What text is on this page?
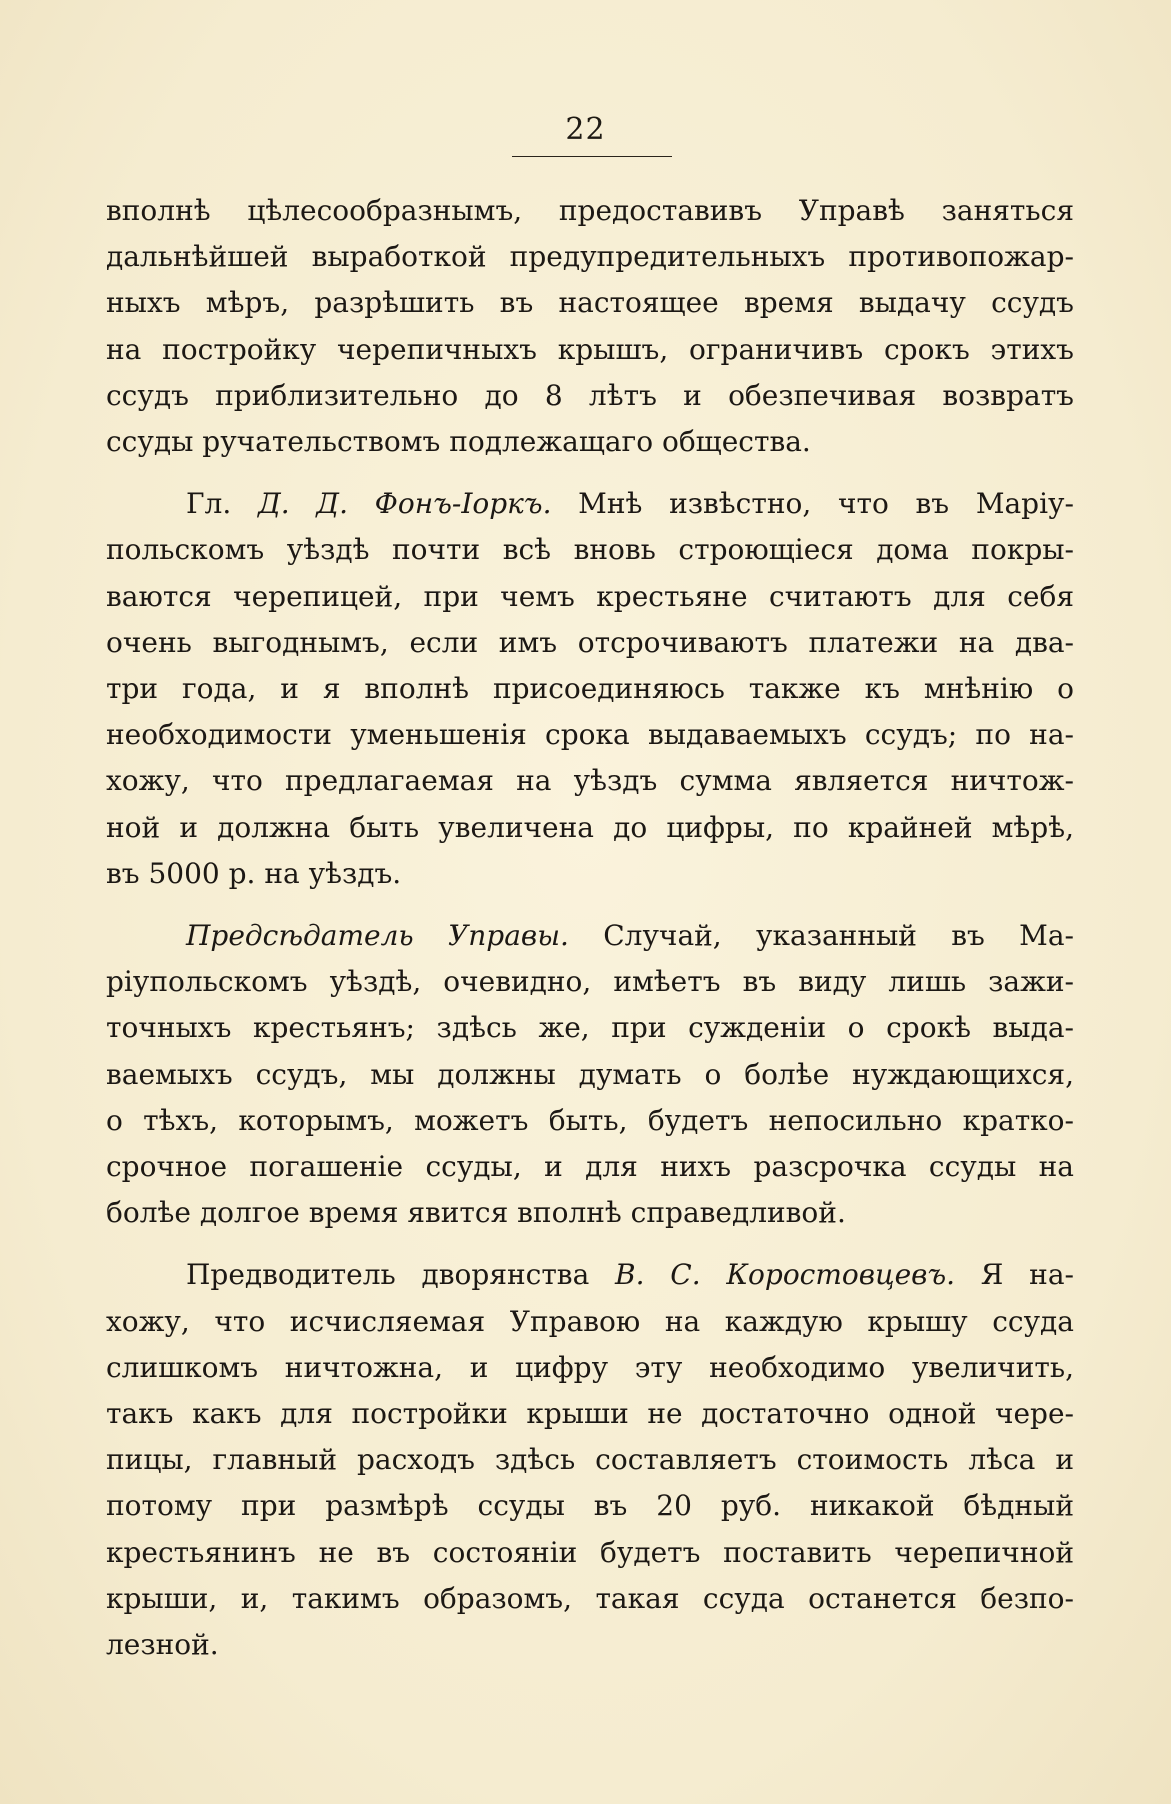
22

вполнѣ цѣлесообразнымъ, предоставивъ Управѣ заняться
дальнѣйшей выработкой предупредительныхъ противопожар-
ныхъ мѣръ, разрѣшить въ настоящее время выдачу ссудъ
на постройку черепичныхъ крышъ, ограничивъ срокъ этихъ
ссудъ приблизительно до 8 лѣтъ и обезпечивая возвратъ
ссуды ручательствомъ подлежащаго общества.

Гл. Д. Д. Фонъ-Іоркъ. Мнѣ извѣстно, что въ Маріу-
польскомъ уѣздѣ почти всѣ вновь строющіеся дома покры-
ваются черепицей, при чемъ крестьяне считаютъ для себя
очень выгоднымъ, если имъ отсрочиваютъ платежи на два-
три года, и я вполнѣ присоединяюсь также къ мнѣнію о
необходимости уменьшенія срока выдаваемыхъ ссудъ; по на-
хожу, что предлагаемая на уѣздъ сумма является ничтож-
ной и должна быть увеличена до цифры, по крайней мѣрѣ,
въ 5000 р. на уѣздъ.

Предсѣдатель Управы. Случай, указанный въ Ма-
ріупольскомъ уѣздѣ, очевидно, имѣетъ въ виду лишь зажи-
точныхъ крестьянъ; здѣсь же, при сужденіи о срокѣ выда-
ваемыхъ ссудъ, мы должны думать о болѣе нуждающихся,
о тѣхъ, которымъ, можетъ быть, будетъ непосильно кратко-
срочное погашеніе ссуды, и для нихъ разсрочка ссуды на
болѣе долгое время явится вполнѣ справедливой.

Предводитель дворянства В. С. Коростовцевъ. Я на-
хожу, что исчисляемая Управою на каждую крышу ссуда
слишкомъ ничтожна, и цифру эту необходимо увеличить,
такъ какъ для постройки крыши не достаточно одной чере-
пицы, главный расходъ здѣсь составляетъ стоимость лѣса и
потому при размѣрѣ ссуды въ 20 руб. никакой бѣдный
крестьянинъ не въ состояніи будетъ поставить черепичной
крыши, и, такимъ образомъ, такая ссуда останется безпо-
лезной.
